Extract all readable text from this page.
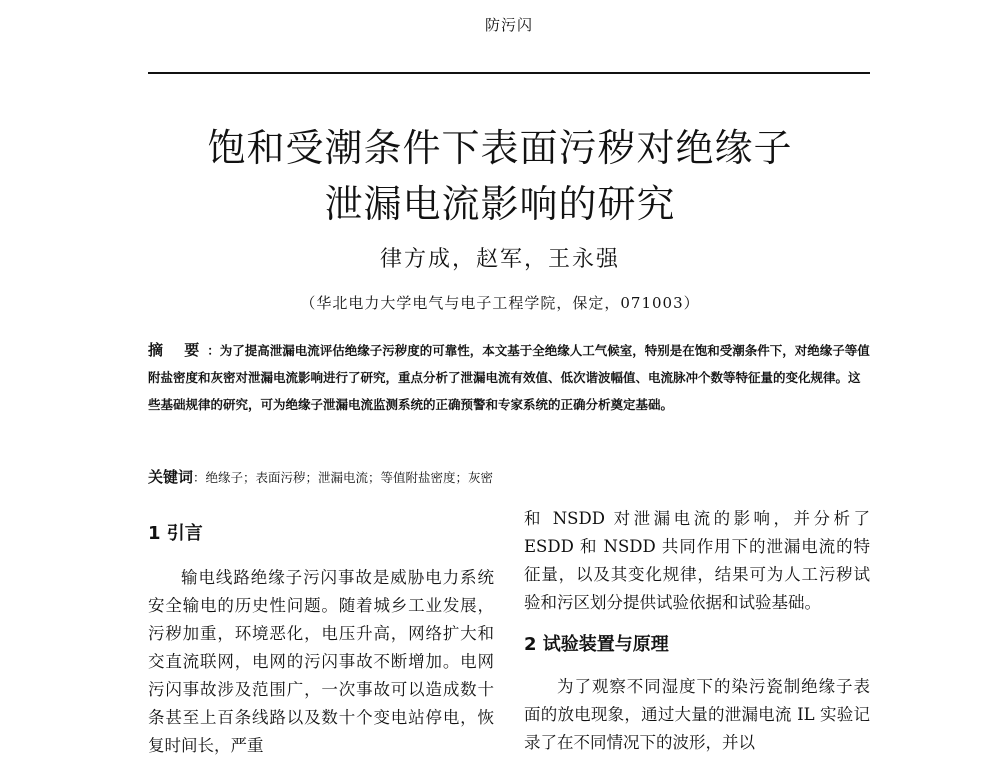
防污闪
饱和受潮条件下表面污秽对绝缘子
泄漏电流影响的研究
律方成，赵军，王永强
（华北电力大学电气与电子工程学院，保定，071003）
摘 要：为了提高泄漏电流评估绝缘子污秽度的可靠性，本文基于全绝缘人工气候室，特别是在饱和受潮条件下，对绝缘子等值附盐密度和灰密对泄漏电流影响进行了研究，重点分析了泄漏电流有效值、低次谐波幅值、电流脉冲个数等特征量的变化规律。这些基础规律的研究，可为绝缘子泄漏电流监测系统的正确预警和专家系统的正确分析奠定基础。
关键词：绝缘子；表面污秽；泄漏电流；等值附盐密度；灰密
1 引言

输电线路绝缘子污闪事故是威胁电力系统安全输电的历史性问题。随着城乡工业发展，污秽加重，环境恶化，电压升高，网络扩大和交直流联网，电网的污闪事故不断增加。电网污闪事故涉及范围广，一次事故可以造成数十条甚至上百条线路以及数十个变电站停电，恢复时间长，严重

和 NSDD 对泄漏电流的影响，并分析了 ESDD 和 NSDD 共同作用下的泄漏电流的特征量，以及其变化规律，结果可为人工污秽试验和污区划分提供试验依据和试验基础。

2 试验装置与原理

为了观察不同湿度下的染污瓷制绝缘子表面的放电现象，通过大量的泄漏电流 IL 实验记录了在不同情况下的波形，并以
